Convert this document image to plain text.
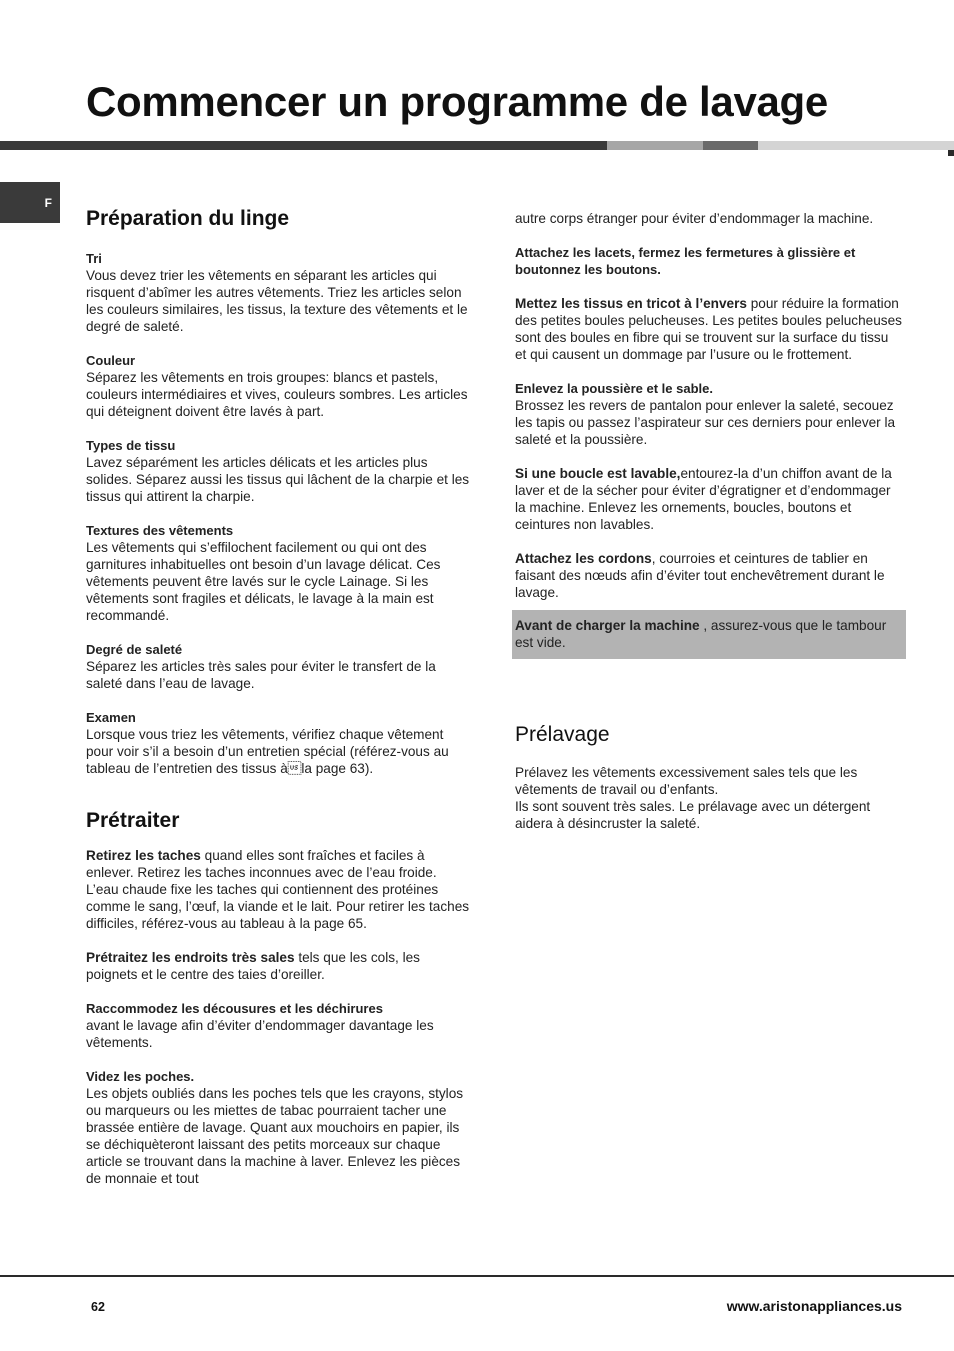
Commencer un programme de lavage
F
Préparation du linge
Tri

Vous devez trier les vêtements en séparant les articles qui risquent d’abîmer les autres vêtements. Triez les articles selon les couleurs similaires, les tissus, la texture des vêtements et le degré de saleté.

Couleur

Séparez les vêtements en trois groupes: blancs et pastels, couleurs intermédiaires et vives, couleurs sombres. Les articles qui déteignent doivent être lavés à part.

Types de tissu

Lavez séparément les articles délicats et les articles plus solides. Séparez aussi les tissus qui lâchent de la charpie et les tissus qui attirent la charpie.

Textures des vêtements

Les vêtements qui s’effilochent facilement ou qui ont des garnitures inhabituelles ont besoin d’un lavage délicat. Ces vêtements peuvent être lavés sur le cycle Lainage. Si les vêtements sont fragiles et délicats, le lavage à la main est recommandé.

Degré de saleté

Séparez les articles très sales pour éviter le transfert de la saleté dans l’eau de lavage.

Examen

Lorsque vous triez les vêtements, vérifiez chaque vêtement pour voir s’il a besoin d’un entretien spécial (référez-vous au tableau de l’entretien des tissus àla page 63).

Prétraiter

Retirez les taches quand elles sont fraîches et faciles à enlever. Retirez les taches inconnues avec de l’eau froide. L’eau chaude fixe les taches qui contiennent des protéines comme le sang, l’œuf, la viande et le lait. Pour retirer les taches difficiles, référez-vous au tableau à la page 65.

Prétraitez les endroits très sales tels que les cols, les poignets et le centre des taies d’oreiller.

Raccommodez les décousures et les déchirures

avant le lavage afin d’éviter d’endommager davantage les vêtements.

Videz les poches.

Les objets oubliés dans les poches tels que les crayons, stylos ou marqueurs ou les miettes de tabac pourraient tacher une brassée entière de lavage. Quant aux mouchoirs en papier, ils se déchiquèteront laissant des petits morceaux sur chaque article se trouvant dans la machine à laver. Enlevez les pièces de monnaie et tout

autre corps étranger pour éviter d’endommager la machine.

Attachez les lacets, fermez les fermetures à glissière et boutonnez les boutons.

Mettez les tissus en tricot à l’envers pour réduire la formation des petites boules pelucheuses. Les petites boules pelucheuses sont des boules en fibre qui se trouvent sur la surface du tissu et qui causent un dommage par l’usure ou le frottement.

Enlevez la poussière et le sable.

Brossez les revers de pantalon pour enlever la saleté, secouez les tapis ou passez l’aspirateur sur ces derniers pour enlever la saleté et la poussière.

Si une boucle est lavable,entourez-la d’un chiffon avant de la laver et de la sécher pour éviter d’égratigner et d’endommager la machine. Enlevez les ornements, boucles, boutons et ceintures non lavables.

Attachez les cordons, courroies et ceintures de tablier en faisant des nœuds afin d’éviter tout enchevêtrement durant le lavage.

Avant de charger la machine , assurez-vous que le tambour est vide.

Prélavage

Prélavez les vêtements excessivement sales tels que les vêtements de travail ou d’enfants.

Ils sont souvent très sales. Le prélavage avec un détergent aidera à désincruster la saleté.

62	www.aristonappliances.us
